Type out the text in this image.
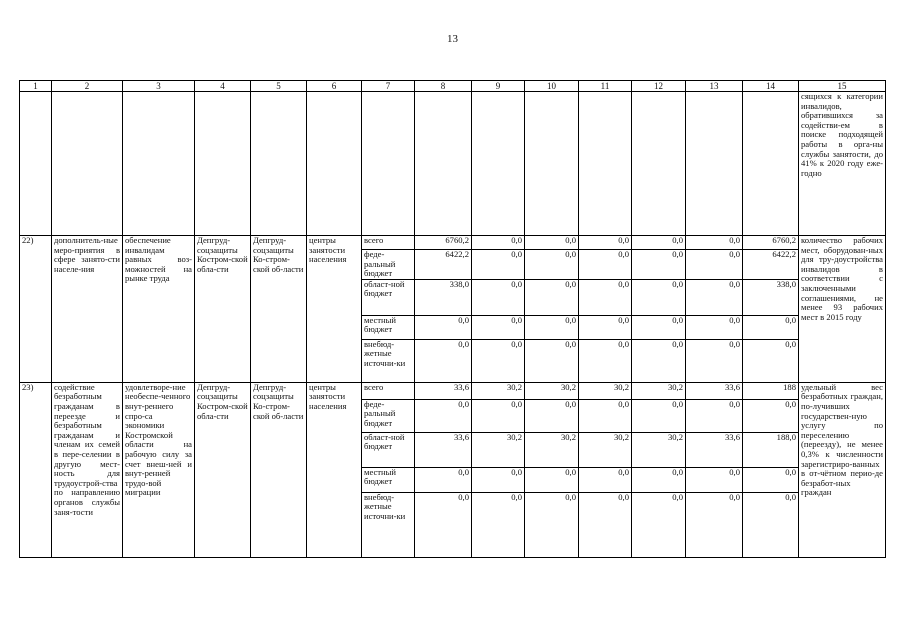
13
1	2	3	4	5	6	7	8	9	10	11	12	13	14	15
														сящихся к категории инвалидов, обратившихся за содействи-ем в поиске подходящей работы в орга-ны службы занятости, до 41% к 2020 году еже-годно
22)	дополнитель-ные меро-приятия в сфере занято-сти населе-ния	обеспечение инвалидам равных воз-можностей на рынке труда	Депгруд-соцзащиты Костром-ской обла-сти	Депгруд-соцзащиты Ко-стром-ской об-ласти	центры занятости населения	всего	6760,2	0,0	0,0	0,0	0,0	0,0	6760,2	количество рабочих мест, оборудован-ных для тру-доустройства инвалидов в соответствии с заключенными соглашениями, не менее 93 рабочих мест в 2015 году
						феде-ральный бюджет	6422,2	0,0	0,0	0,0	0,0	0,0	6422,2	
						област-ной бюджет	338,0	0,0	0,0	0,0	0,0	0,0	338,0	
						местный бюджет	0,0	0,0	0,0	0,0	0,0	0,0	0,0	
						внебюд-жетные источни-ки	0,0	0,0	0,0	0,0	0,0	0,0	0,0	
23)	содействие безработным гражданам в переезде и безработным гражданам и членам их семей в пере-селении в другую мест-ность для трудоустрой-ства по направлению органов службы заня-тости	удовлетворе-ние необеспе-ченного внут-реннего спро-са экономики Костромской области на рабочую силу за счет внеш-ней и внут-ренней трудо-вой миграции	Депгруд-соцзащиты Костром-ской обла-сти	Депгруд-соцзащиты Ко-стром-ской об-ласти	центры занятости населения	всего	33,6	30,2	30,2	30,2	30,2	33,6	188	удельный вес безработных граждан, по-лучивших государствен-ную услугу по переселению (переезду), не менее 0,3% к численности зарегистриро-ванных в от-чётном перио-де безработ-ных граждан
						феде-ральный бюджет	0,0	0,0	0,0	0,0	0,0	0,0	0,0	
						област-ной бюджет	33,6	30,2	30,2	30,2	30,2	33,6	188,0	
						местный бюджет	0,0	0,0	0,0	0,0	0,0	0,0	0,0	
						внебюд-жетные источни-ки	0,0	0,0	0,0	0,0	0,0	0,0	0,0	
